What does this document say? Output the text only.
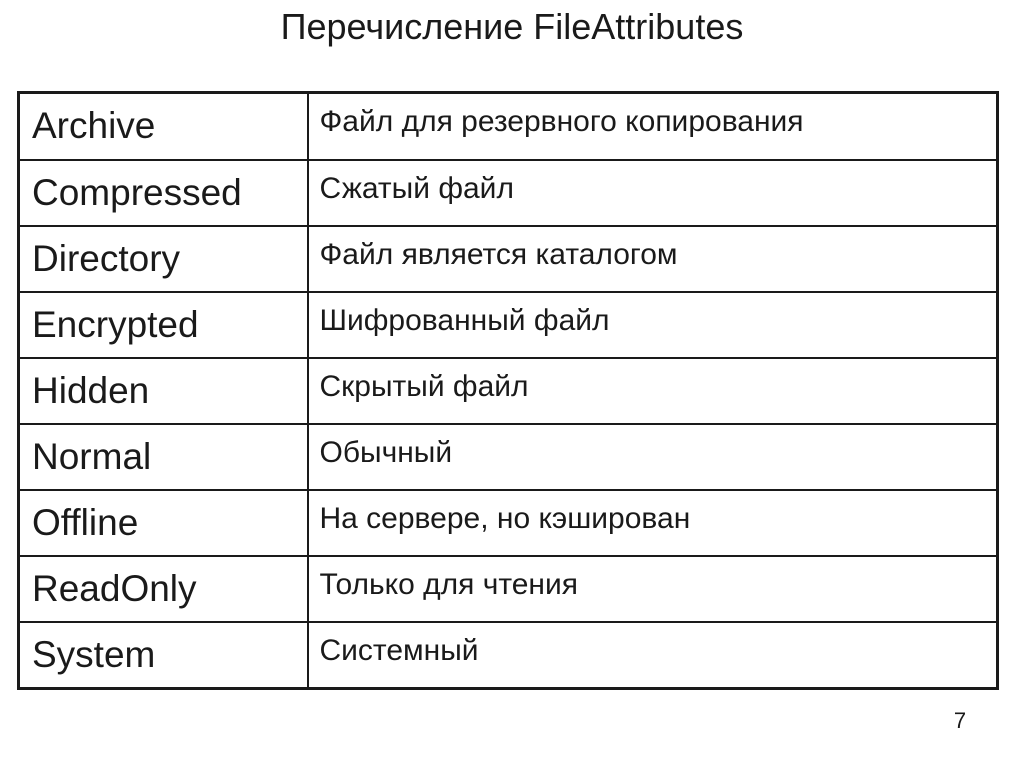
Перечисление FileAttributes
Archive	Файл для резервного копирования

Compressed	Сжатый файл

Directory	Файл является каталогом

Encrypted	Шифрованный файл

Hidden	Скрытый файл

Normal	Обычный

Offline	На сервере, но кэширован

ReadOnly	Только для чтения

System	Системный
7
